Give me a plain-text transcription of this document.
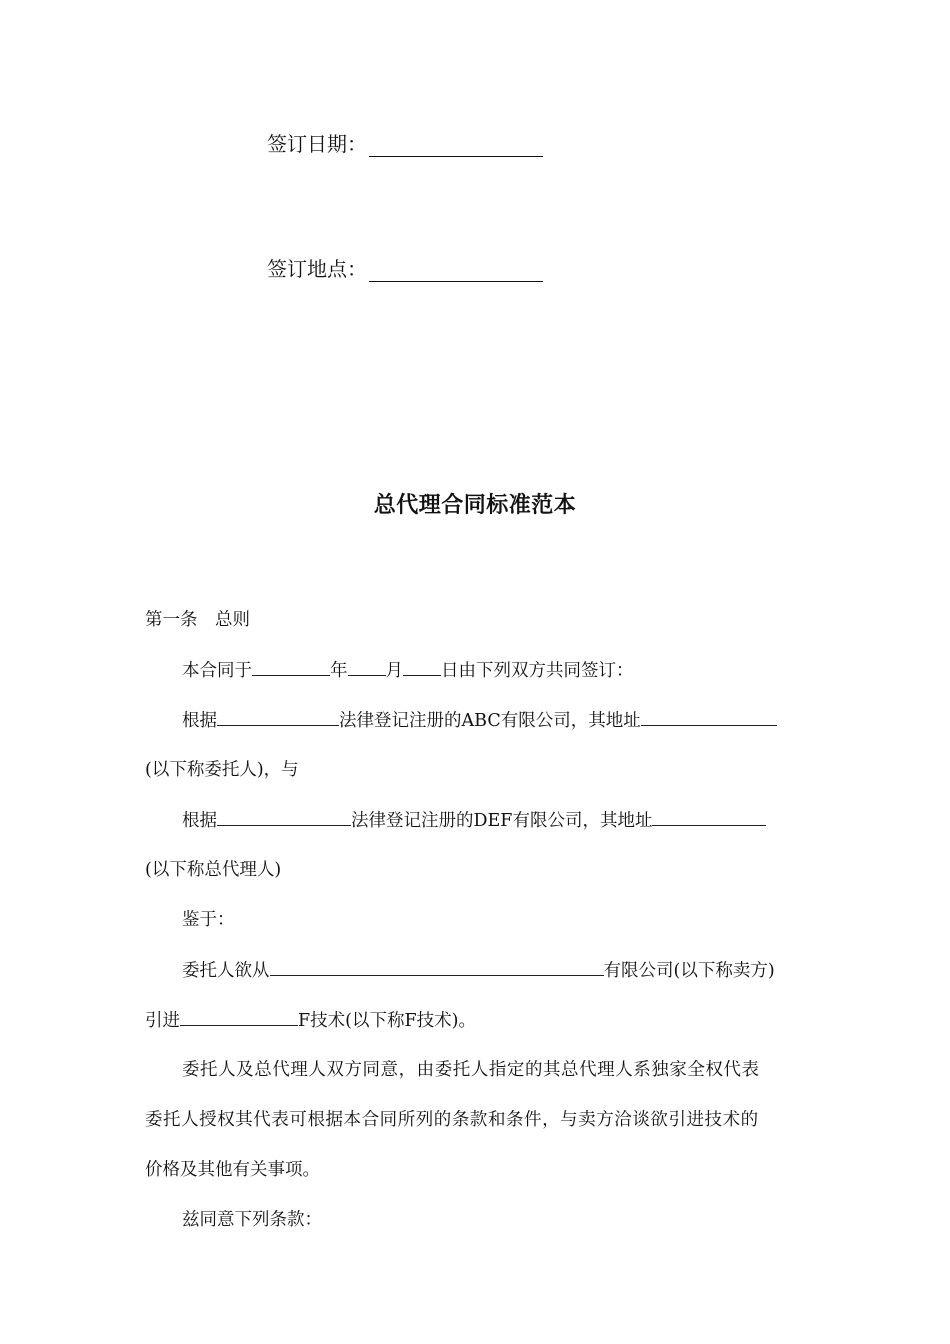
签订日期：
签订地点：
总代理合同标准范本
第一条　总则
本合同于	年 月 日由下列双方共同签订：
根据	法律登记注册的ABC有限公司，其地址
(以下称委托人)，与
根据	法律登记注册的DEF有限公司，其地址
(以下称总代理人)
鉴于：
委托人欲从	有限公司(以下称卖方)
引进	F技术(以下称F技术)。
委托人及总代理人双方同意，由委托人指定的其总代理人系独家全权代表
委托人授权其代表可根据本合同所列的条款和条件，与卖方洽谈欲引进技术的
价格及其他有关事项。
兹同意下列条款：
